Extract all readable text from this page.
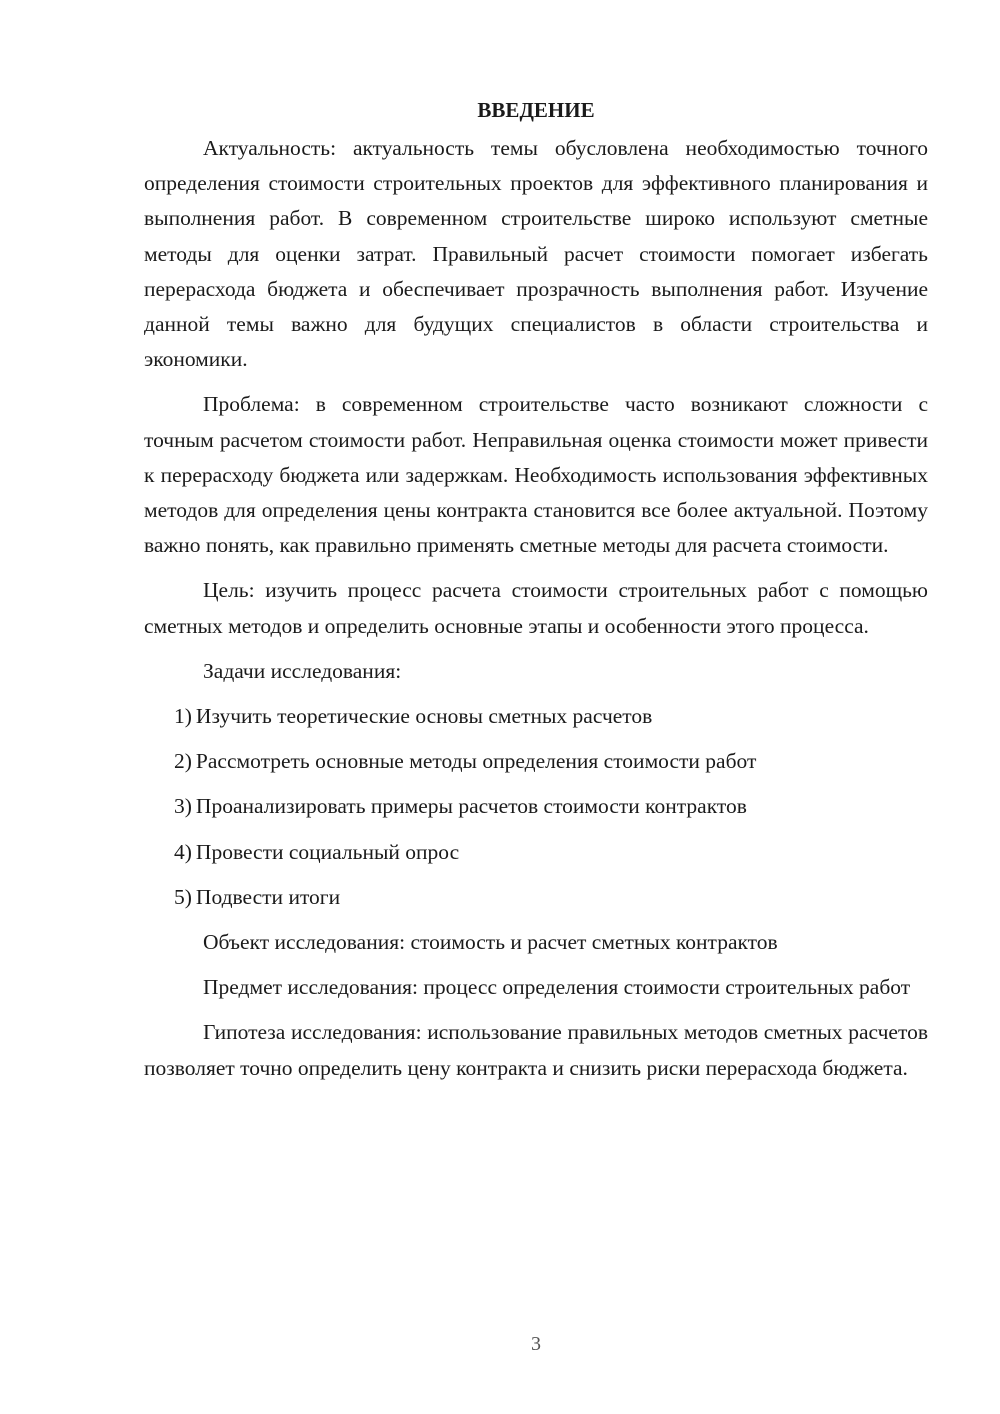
ВВЕДЕНИЕ

Актуальность: актуальность темы обусловлена необходимостью точного определения стоимости строительных проектов для эффективного планирования и выполнения работ. В современном строительстве широко используют сметные методы для оценки затрат. Правильный расчет стоимости помогает избегать перерасхода бюджета и обеспечивает прозрачность выполнения работ. Изучение данной темы важно для будущих специалистов в области строительства и экономики.

Проблема: в современном строительстве часто возникают сложности с точным расчетом стоимости работ. Неправильная оценка стоимости может привести к перерасходу бюджета или задержкам. Необходимость использования эффективных методов для определения цены контракта становится все более актуальной. Поэтому важно понять, как правильно применять сметные методы для расчета стоимости.

Цель: изучить процесс расчета стоимости строительных работ с помощью сметных методов и определить основные этапы и особенности этого процесса.

Задачи исследования:

1) Изучить теоретические основы сметных расчетов
2) Рассмотреть основные методы определения стоимости работ
3) Проанализировать примеры расчетов стоимости контрактов
4) Провести социальный опрос
5) Подвести итоги

Объект исследования: стоимость и расчет сметных контрактов

Предмет исследования: процесс определения стоимости строительных работ

Гипотеза исследования: использование правильных методов сметных расчетов позволяет точно определить цену контракта и снизить риски перерасхода бюджета.

3
